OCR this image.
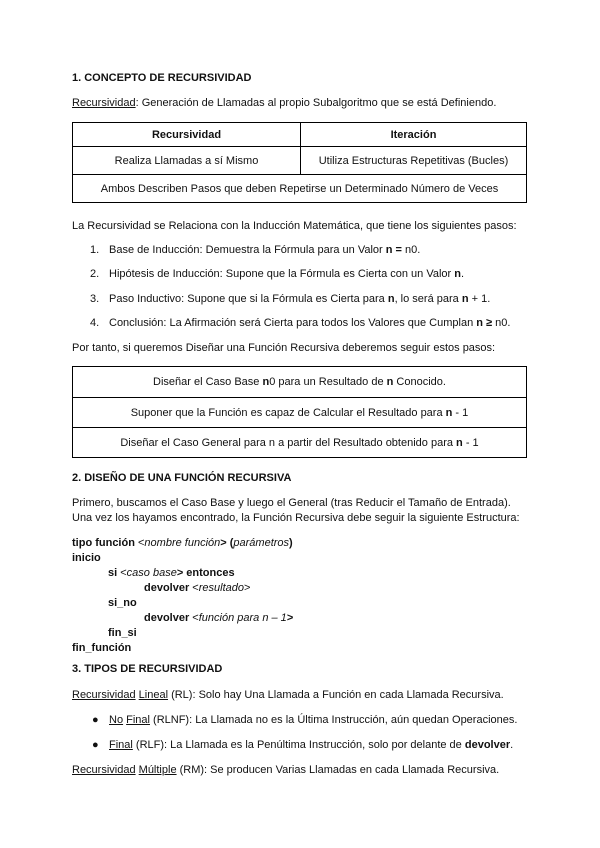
1. CONCEPTO DE RECURSIVIDAD
Recursividad: Generación de Llamadas al propio Subalgoritmo que se está Definiendo.
Recursividad	Iteración
Realiza Llamadas a sí Mismo	Utiliza Estructuras Repetitivas (Bucles)
Ambos Describen Pasos que deben Repetirse un Determinado Número de Veces	
La Recursividad se Relaciona con la Inducción Matemática, que tiene los siguientes pasos:
1. Base de Inducción: Demuestra la Fórmula para un Valor n = n0.
2. Hipótesis de Inducción: Supone que la Fórmula es Cierta con un Valor n.
3. Paso Inductivo: Supone que si la Fórmula es Cierta para n, lo será para n + 1.
4. Conclusión: La Afirmación será Cierta para todos los Valores que Cumplan n ≥ n0.
Por tanto, si queremos Diseñar una Función Recursiva deberemos seguir estos pasos:
Diseñar el Caso Base n0 para un Resultado de n Conocido.
Suponer que la Función es capaz de Calcular el Resultado para n - 1
Diseñar el Caso General para n a partir del Resultado obtenido para n - 1
2. DISEÑO DE UNA FUNCIÓN RECURSIVA
Primero, buscamos el Caso Base y luego el General (tras Reducir el Tamaño de Entrada).
Una vez los hayamos encontrado, la Función Recursiva debe seguir la siguiente Estructura:
tipo función <nombre función> (parámetros)
inicio
si <caso base> entonces
devolver <resultado>
si_no
devolver <función para n – 1>
fin_si
fin_función
3. TIPOS DE RECURSIVIDAD
Recursividad Lineal (RL): Solo hay Una Llamada a Función en cada Llamada Recursiva.
● No Final (RLNF): La Llamada no es la Última Instrucción, aún quedan Operaciones.
● Final (RLF): La Llamada es la Penúltima Instrucción, solo por delante de devolver.
Recursividad Múltiple (RM): Se producen Varias Llamadas en cada Llamada Recursiva.
